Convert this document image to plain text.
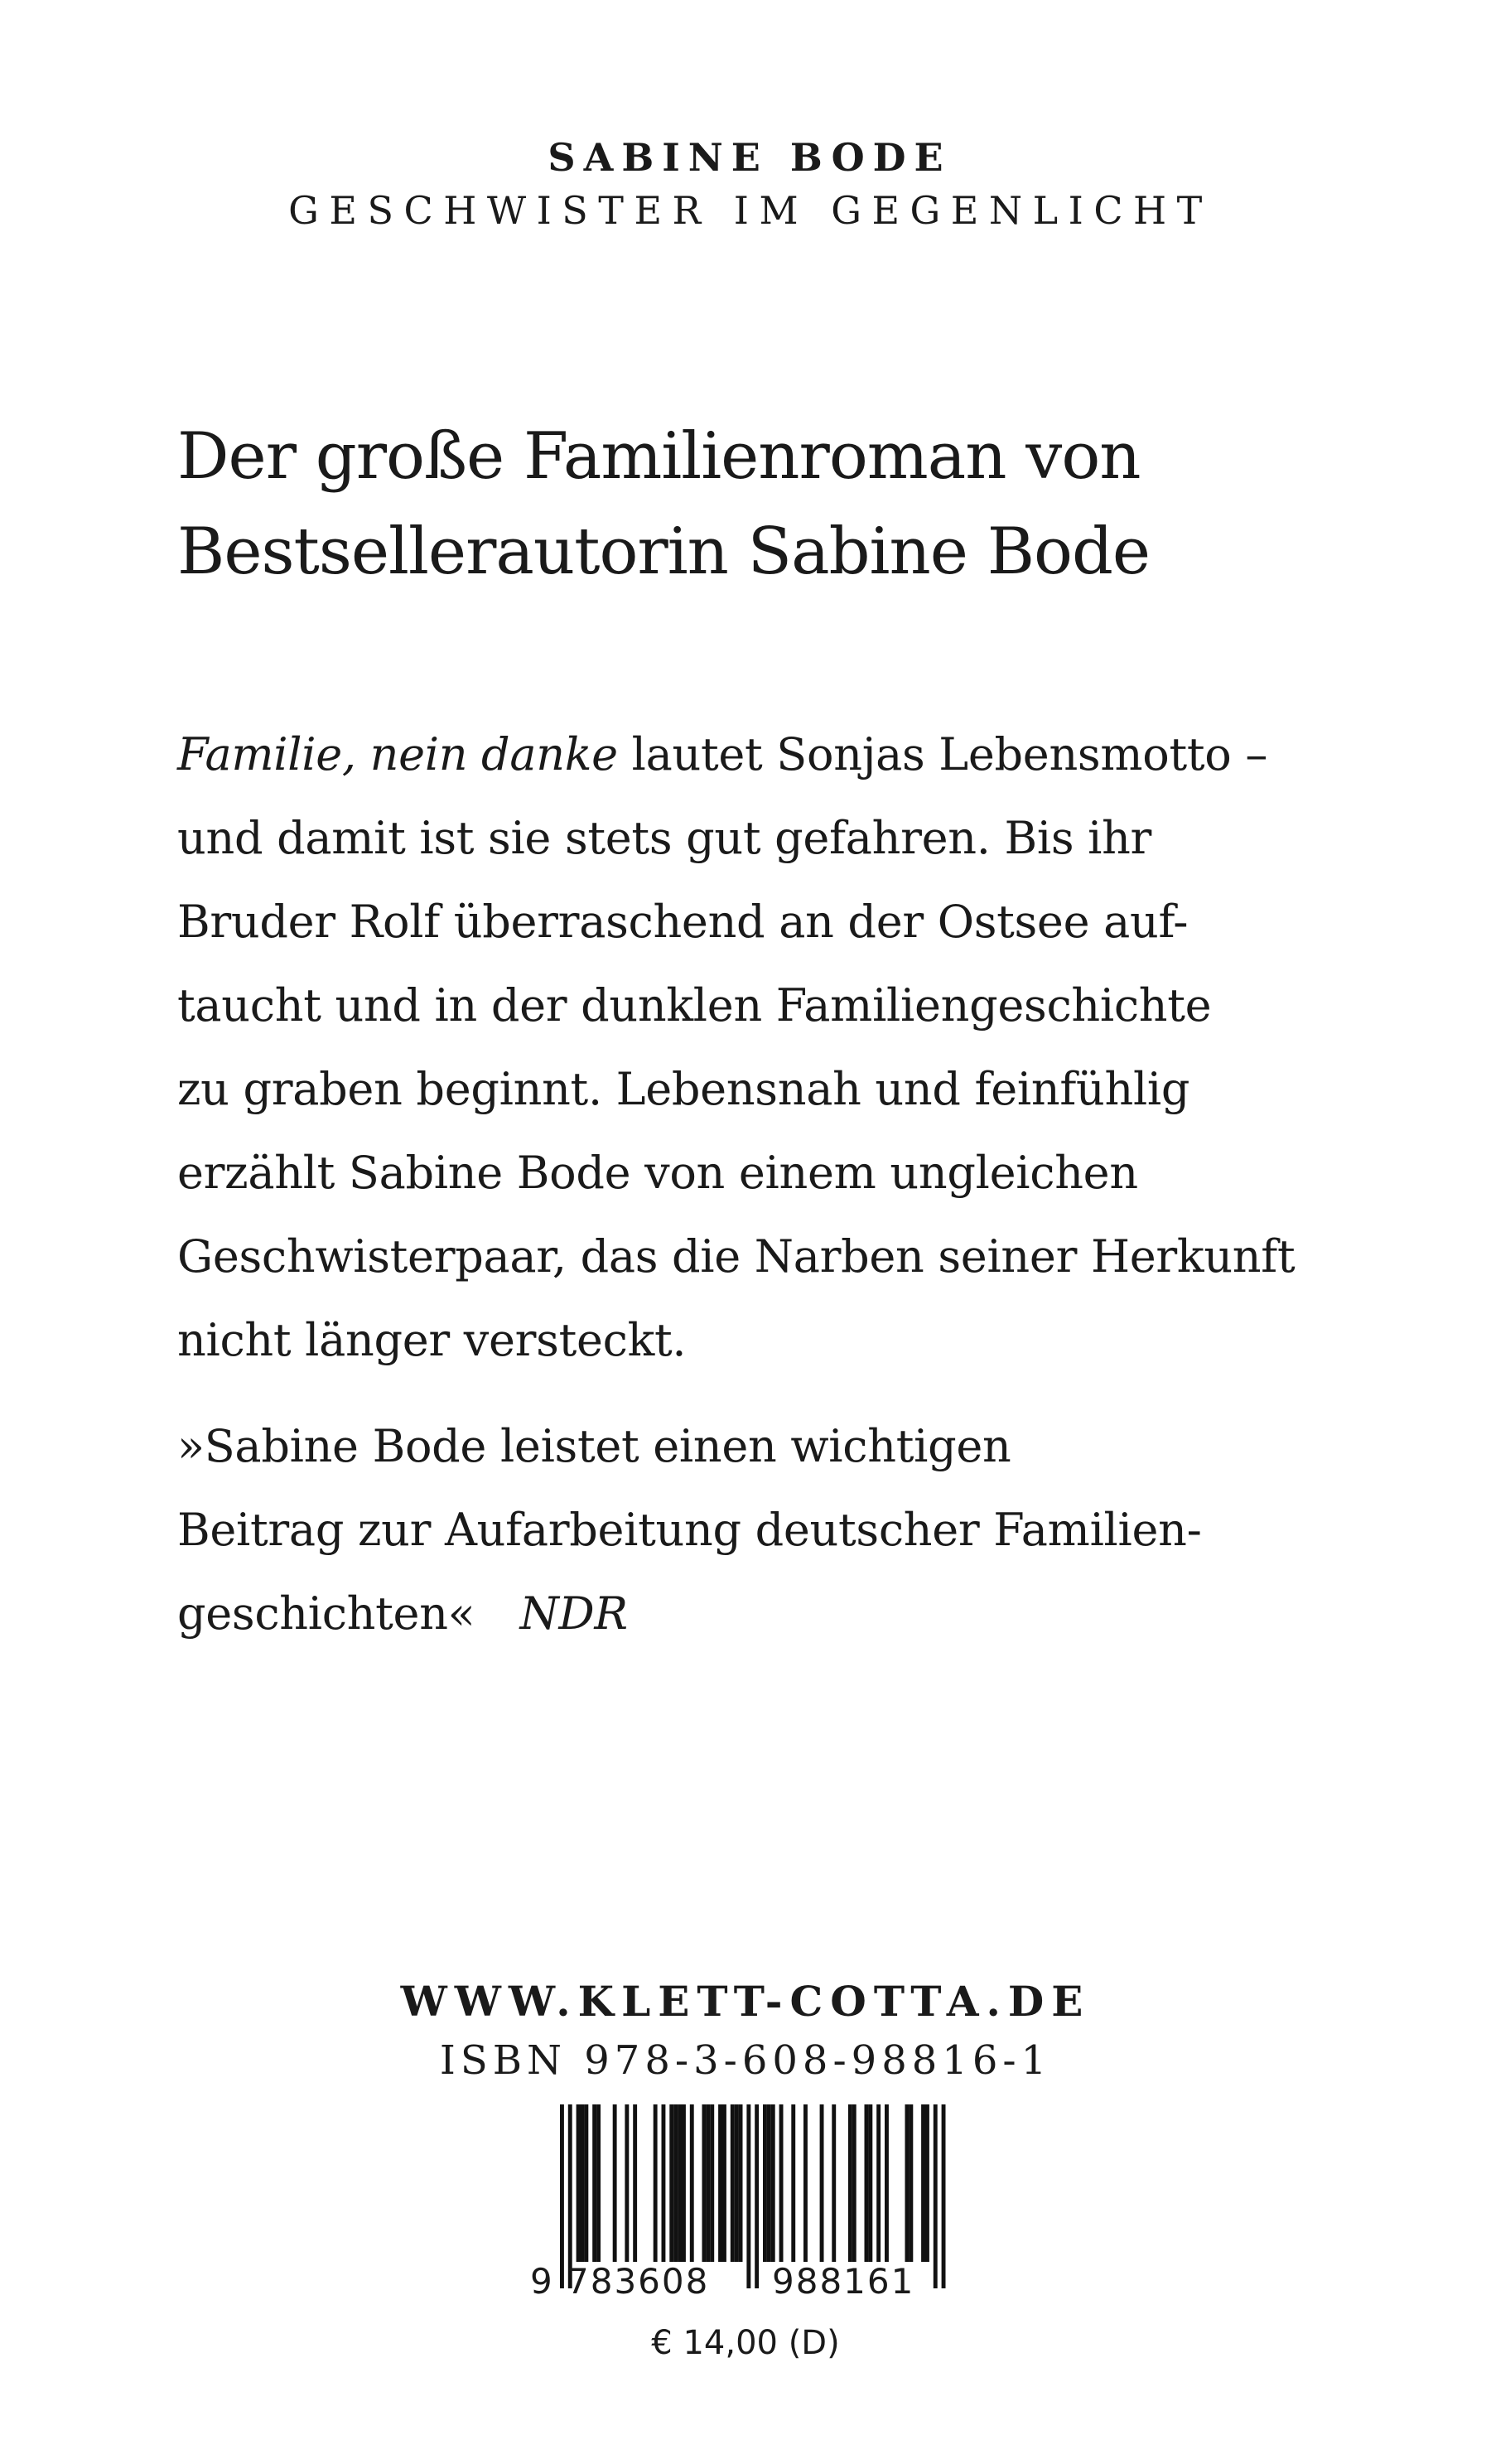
SABINE BODE
GESCHWISTER IM GEGENLICHT
Der große Familienroman von
Bestsellerautorin Sabine Bode
Familie, nein danke lautet Sonjas Lebensmotto –
und damit ist sie stets gut gefahren. Bis ihr
Bruder Rolf überraschend an der Ostsee auf-
taucht und in der dunklen Familiengeschichte
zu graben beginnt. Lebensnah und feinfühlig
erzählt Sabine Bode von einem ungleichen
Geschwisterpaar, das die Narben seiner Herkunft
nicht länger versteckt.
»Sabine Bode leistet einen wichtigen
Beitrag zur Aufarbeitung deutscher Familien-
geschichten« NDR
WWW.KLETT-COTTA.DE
ISBN 978-3-608-98816-1
9 783608 988161
€ 14,00 (D)
